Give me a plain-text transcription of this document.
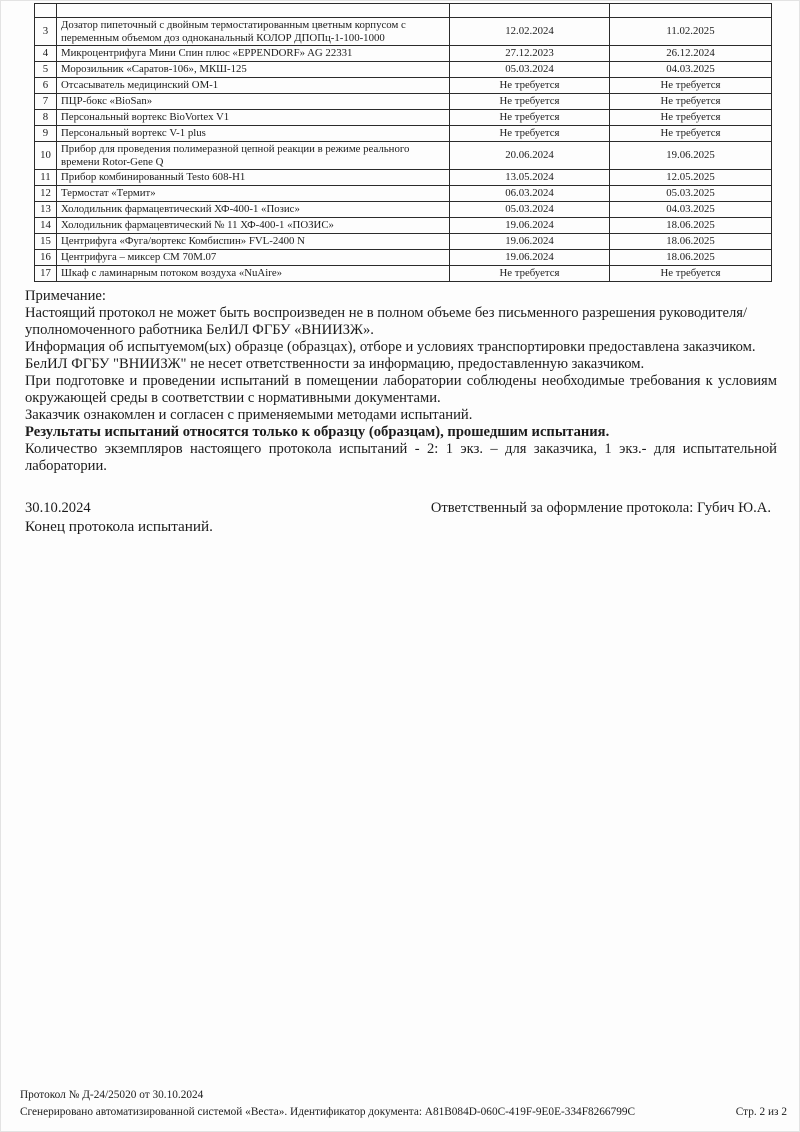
3	Дозатор пипеточный с двойным термостатированным цветным корпусом с переменным объемом доз одноканальный КОЛОР ДПОПц-1-100-1000	12.02.2024	11.02.2025
4	Микроцентрифуга Мини Спин плюс «EPPENDORF» AG 22331	27.12.2023	26.12.2024
5	Морозильник «Саратов-106», МКШ-125	05.03.2024	04.03.2025
6	Отсасыватель медицинский ОМ-1	Не требуется	Не требуется
7	ПЦР-бокс «BioSan»	Не требуется	Не требуется
8	Персональный вортекс BioVortex V1	Не требуется	Не требуется
9	Персональный вортекс V-1 plus	Не требуется	Не требуется
10	Прибор для проведения полимеразной цепной реакции в режиме реального времени Rotor-Gene Q	20.06.2024	19.06.2025
11	Прибор комбинированный Testo 608-Н1	13.05.2024	12.05.2025
12	Термостат «Термит»	06.03.2024	05.03.2025
13	Холодильник фармацевтический ХФ-400-1 «Позис»	05.03.2024	04.03.2025
14	Холодильник фармацевтический № 11 ХФ-400-1 «ПОЗИС»	19.06.2024	18.06.2025
15	Центрифуга «Фуга/вортекс Комбиспин» FVL-2400 N	19.06.2024	18.06.2025
16	Центрифуга – миксер СМ 70М.07	19.06.2024	18.06.2025
17	Шкаф с ламинарным потоком воздуха «NuAire»	Не требуется	Не требуется
Примечание:
Настоящий протокол не может быть воспроизведен не в полном объеме без письменного разрешения руководителя/уполномоченного работника БелИЛ ФГБУ «ВНИИЗЖ».
Информация об испытуемом(ых) образце (образцах), отборе и условиях транспортировки предоставлена заказчиком.
БелИЛ ФГБУ "ВНИИЗЖ" не несет ответственности за информацию, предоставленную заказчиком.
При подготовке и проведении испытаний в помещении лаборатории соблюдены необходимые требования к условиям окружающей среды в соответствии с нормативными документами.
Заказчик ознакомлен и согласен с применяемыми методами испытаний.
Результаты испытаний относятся только к образцу (образцам), прошедшим испытания.
Количество экземпляров настоящего протокола испытаний - 2: 1 экз. – для заказчика, 1 экз.- для испытательной лаборатории.
30.10.2024	Ответственный за оформление протокола: Губич Ю.А.
Конец протокола испытаний.
Протокол № Д-24/25020 от 30.10.2024
Сгенерировано автоматизированной системой «Веста». Идентификатор документа: A81B084D-060C-419F-9E0E-334F8266799C	Стр. 2 из 2
